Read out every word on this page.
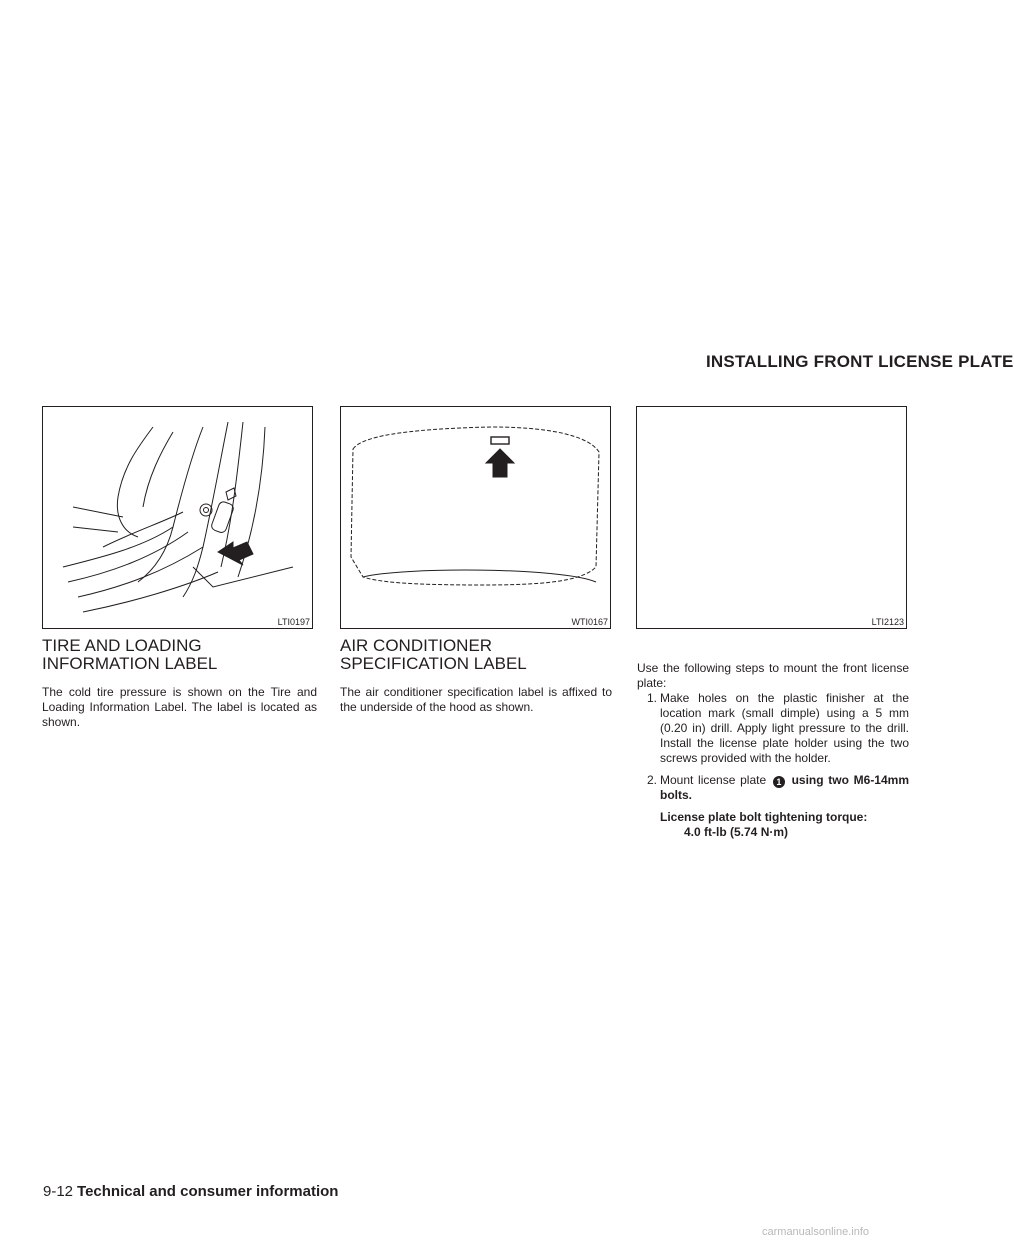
INSTALLING FRONT LICENSE PLATE
LTI0197	WTI0167	LTI2123
TIRE AND LOADING INFORMATION LABEL
The cold tire pressure is shown on the Tire and Loading Information Label. The label is located as shown.
AIR CONDITIONER SPECIFICATION LABEL
The air conditioner specification label is affixed to the underside of the hood as shown.
Use the following steps to mount the front license plate:
1. Make holes on the plastic finisher at the location mark (small dimple) using a 5 mm (0.20 in) drill. Apply light pressure to the drill. Install the license plate holder using the two screws provided with the holder.
2. Mount license plate 1 using two M6-14mm bolts.
License plate bolt tightening torque:
4.0 ft-lb (5.74 N·m)
9-12 Technical and consumer information
carmanualsonline.info
